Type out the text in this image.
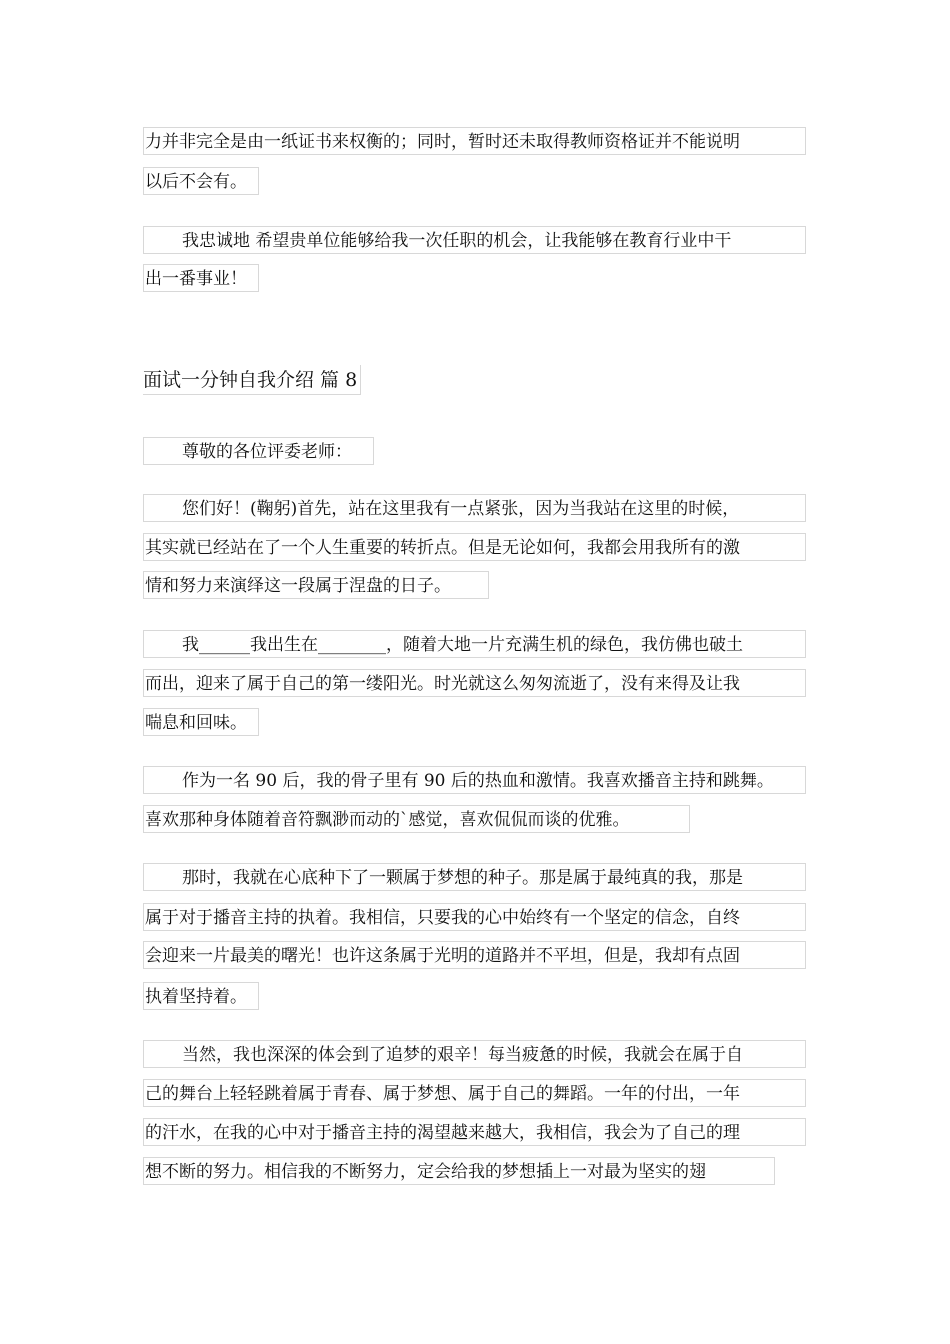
力并非完全是由一纸证书来权衡的；同时，暂时还未取得教师资格证并不能说明
以后不会有。
我忠诚地 希望贵单位能够给我一次任职的机会，让我能够在教育行业中干
出一番事业！
面试一分钟自我介绍 篇 8
尊敬的各位评委老师：
您们好！(鞠躬)首先，站在这里我有一点紧张，因为当我站在这里的时候，
其实就已经站在了一个人生重要的转折点。但是无论如何，我都会用我所有的激
情和努力来演绎这一段属于涅盘的日子。
我______我出生在________，随着大地一片充满生机的绿色，我仿佛也破土
而出，迎来了属于自己的第一缕阳光。时光就这么匆匆流逝了，没有来得及让我
喘息和回味。
作为一名 90 后，我的骨子里有 90 后的热血和激情。我喜欢播音主持和跳舞。
喜欢那种身体随着音符飘渺而动的`感觉，喜欢侃侃而谈的优雅。
那时，我就在心底种下了一颗属于梦想的种子。那是属于最纯真的我，那是
属于对于播音主持的执着。我相信，只要我的心中始终有一个坚定的信念，自终
会迎来一片最美的曙光！也许这条属于光明的道路并不平坦，但是，我却有点固
执着坚持着。
当然，我也深深的体会到了追梦的艰辛！每当疲惫的时候，我就会在属于自
己的舞台上轻轻跳着属于青春、属于梦想、属于自己的舞蹈。一年的付出，一年
的汗水，在我的心中对于播音主持的渴望越来越大，我相信，我会为了自己的理
想不断的努力。相信我的不断努力，定会给我的梦想插上一对最为坚实的翅
